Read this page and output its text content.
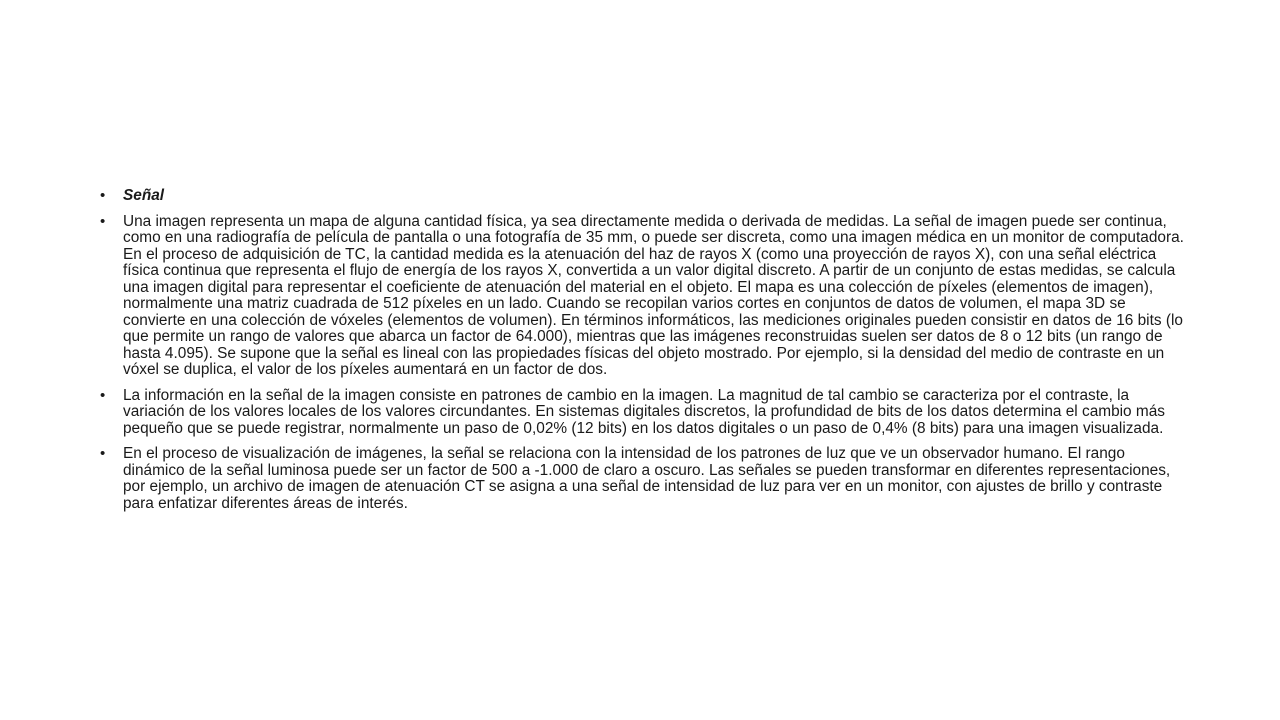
•	Señal
•	Una imagen representa un mapa de alguna cantidad física, ya sea directamente medida o derivada de medidas. La señal de imagen puede ser continua, como en una radiografía de película de pantalla o una fotografía de 35 mm, o puede ser discreta, como una imagen médica en un monitor de computadora. En el proceso de adquisición de TC, la cantidad medida es la atenuación del haz de rayos X (como una proyección de rayos X), con una señal eléctrica física continua que representa el flujo de energía de los rayos X, convertida a un valor digital discreto. A partir de un conjunto de estas medidas, se calcula una imagen digital para representar el coeficiente de atenuación del material en el objeto. El mapa es una colección de píxeles (elementos de imagen), normalmente una matriz cuadrada de 512 píxeles en un lado. Cuando se recopilan varios cortes en conjuntos de datos de volumen, el mapa 3D se convierte en una colección de vóxeles (elementos de volumen). En términos informáticos, las mediciones originales pueden consistir en datos de 16 bits (lo que permite un rango de valores que abarca un factor de 64.000), mientras que las imágenes reconstruidas suelen ser datos de 8 o 12 bits (un rango de hasta 4.095). Se supone que la señal es lineal con las propiedades físicas del objeto mostrado. Por ejemplo, si la densidad del medio de contraste en un vóxel se duplica, el valor de los píxeles aumentará en un factor de dos.
•	La información en la señal de la imagen consiste en patrones de cambio en la imagen. La magnitud de tal cambio se caracteriza por el contraste, la variación de los valores locales de los valores circundantes. En sistemas digitales discretos, la profundidad de bits de los datos determina el cambio más pequeño que se puede registrar, normalmente un paso de 0,02% (12 bits) en los datos digitales o un paso de 0,4% (8 bits) para una imagen visualizada.
•	En el proceso de visualización de imágenes, la señal se relaciona con la intensidad de los patrones de luz que ve un observador humano. El rango dinámico de la señal luminosa puede ser un factor de 500 a -1.000 de claro a oscuro. Las señales se pueden transformar en diferentes representaciones, por ejemplo, un archivo de imagen de atenuación CT se asigna a una señal de intensidad de luz para ver en un monitor, con ajustes de brillo y contraste para enfatizar diferentes áreas de interés.
